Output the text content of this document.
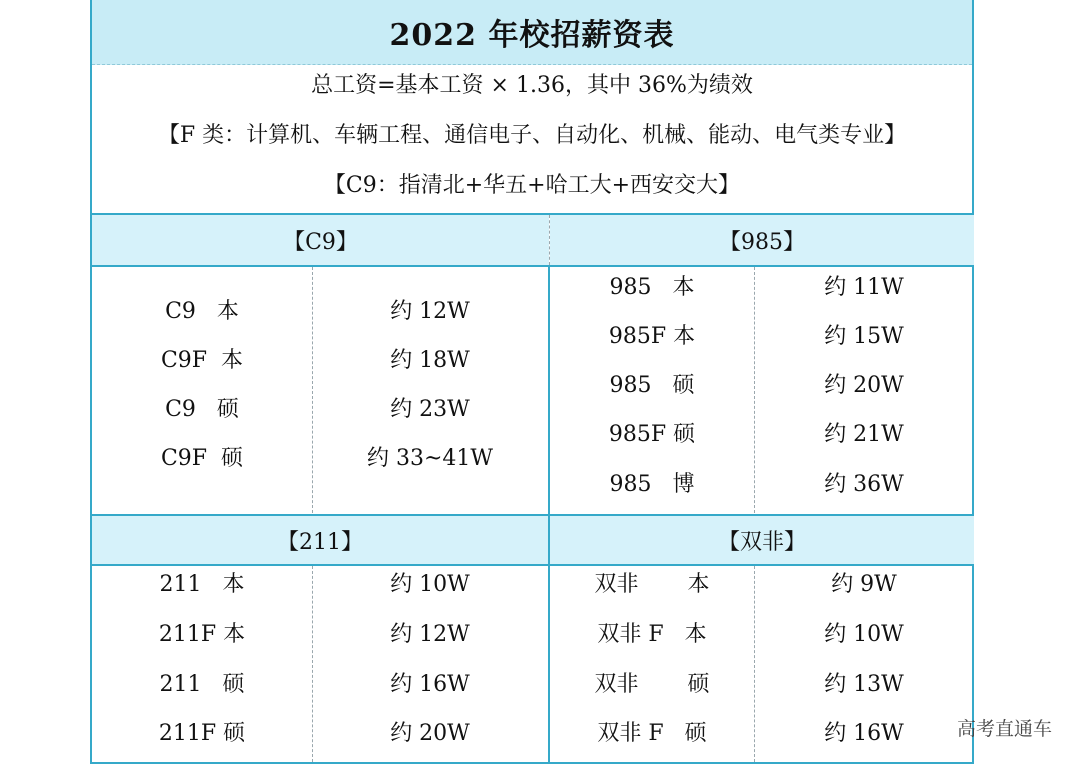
2022 年校招薪资表
总工资=基本工资 × 1.36，其中 36%为绩效
【F 类：计算机、车辆工程、通信电子、自动化、机械、能动、电气类专业】
【C9：指清北+华五+哈工大+西安交大】
【C9】	【985】
C9   本	约 12W
C9F  本	约 18W
C9   硕	约 23W
C9F  硕	约 33~41W
985   本	约 11W
985F 本	约 15W
985   硕	约 20W
985F 硕	约 21W
985   博	约 36W
【211】	【双非】
211   本	约 10W
211F 本	约 12W
211   硕	约 16W
211F 硕	约 20W
双非       本	约 9W
双非 F   本	约 10W
双非       硕	约 13W
双非 F   硕	约 16W	高考直通车
